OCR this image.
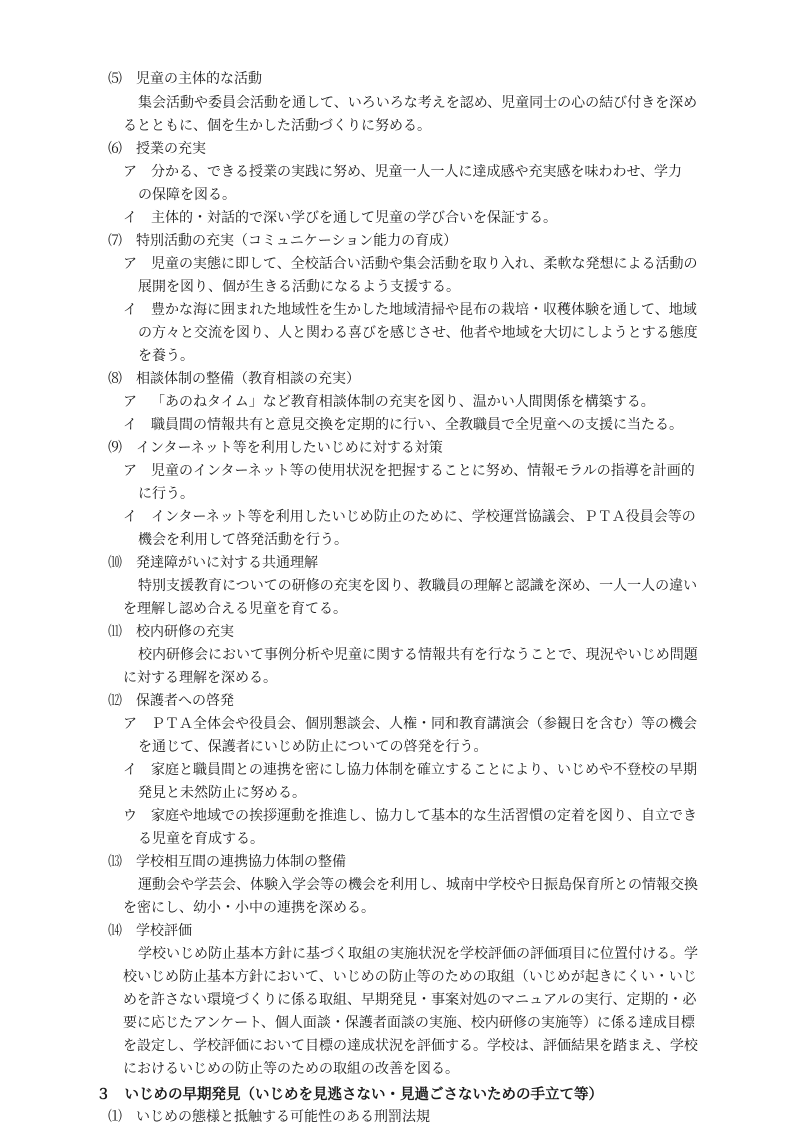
⑸ 児童の主体的な活動
集会活動や委員会活動を通して、いろいろな考えを認め、児童同士の心の結び付きを深め
るとともに、個を生かした活動づくりに努める。
⑹ 授業の充実
ア 分かる、できる授業の実践に努め、児童一人一人に達成感や充実感を味わわせ、学力
の保障を図る。
イ 主体的・対話的で深い学びを通して児童の学び合いを保証する。
⑺ 特別活動の充実（コミュニケーション能力の育成）
ア 児童の実態に即して、全校話合い活動や集会活動を取り入れ、柔軟な発想による活動の
展開を図り、個が生きる活動になるよう支援する。
イ 豊かな海に囲まれた地域性を生かした地域清掃や昆布の栽培・収穫体験を通して、地域
の方々と交流を図り、人と関わる喜びを感じさせ、他者や地域を大切にしようとする態度
を養う。
⑻ 相談体制の整備（教育相談の充実）
ア 「あのねタイム」など教育相談体制の充実を図り、温かい人間関係を構築する。
イ 職員間の情報共有と意見交換を定期的に行い、全教職員で全児童への支援に当たる。
⑼ インターネット等を利用したいじめに対する対策
ア 児童のインターネット等の使用状況を把握することに努め、情報モラルの指導を計画的
に行う。
イ インターネット等を利用したいじめ防止のために、学校運営協議会、ＰＴＡ役員会等の
機会を利用して啓発活動を行う。
⑽ 発達障がいに対する共通理解
特別支援教育についての研修の充実を図り、教職員の理解と認識を深め、一人一人の違い
を理解し認め合える児童を育てる。
⑾ 校内研修の充実
校内研修会において事例分析や児童に関する情報共有を行なうことで、現況やいじめ問題
に対する理解を深める。
⑿ 保護者への啓発
ア ＰＴＡ全体会や役員会、個別懇談会、人権・同和教育講演会（参観日を含む）等の機会
を通じて、保護者にいじめ防止についての啓発を行う。
イ 家庭と職員間との連携を密にし協力体制を確立することにより、いじめや不登校の早期
発見と未然防止に努める。
ウ 家庭や地域での挨拶運動を推進し、協力して基本的な生活習慣の定着を図り、自立でき
る児童を育成する。
⒀ 学校相互間の連携協力体制の整備
運動会や学芸会、体験入学会等の機会を利用し、城南中学校や日振島保育所との情報交換
を密にし、幼小・小中の連携を深める。
⒁ 学校評価
学校いじめ防止基本方針に基づく取組の実施状況を学校評価の評価項目に位置付ける。学
校いじめ防止基本方針において、いじめの防止等のための取組（いじめが起きにくい・いじ
めを許さない環境づくりに係る取組、早期発見・事案対処のマニュアルの実行、定期的・必
要に応じたアンケート、個人面談・保護者面談の実施、校内研修の実施等）に係る達成目標
を設定し、学校評価において目標の達成状況を評価する。学校は、評価結果を踏まえ、学校
におけるいじめの防止等のための取組の改善を図る。
３ いじめの早期発見（いじめを見逃さない・見過ごさないための手立て等）
⑴ いじめの態様と抵触する可能性のある刑罰法規
